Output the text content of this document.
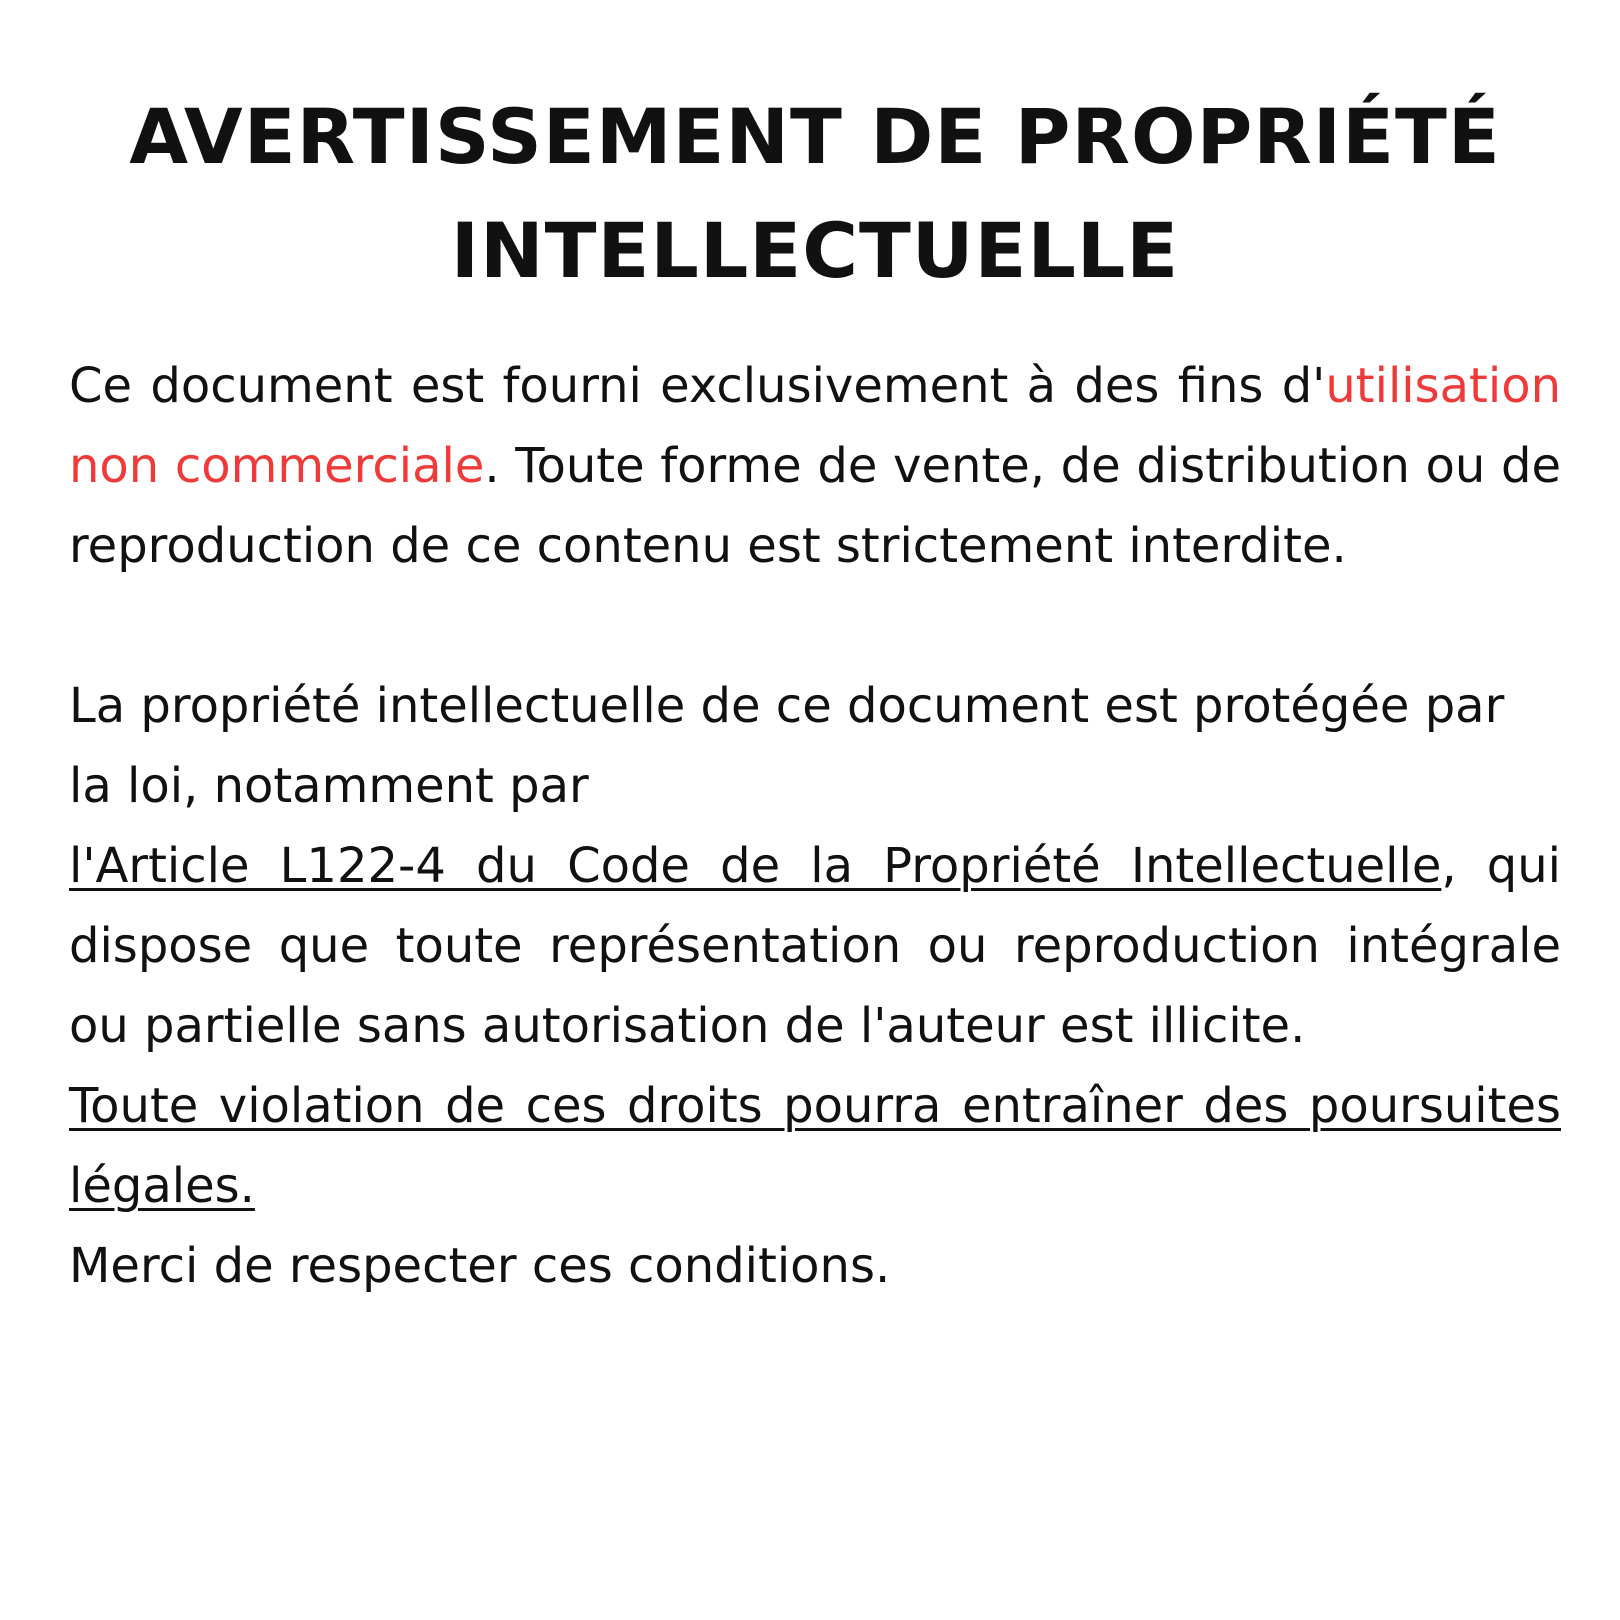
AVERTISSEMENT DE PROPRIÉTÉ
INTELLECTUELLE

Ce document est fourni exclusivement à des fins d'utilisation non commerciale. Toute forme de vente, de distribution ou de reproduction de ce contenu est strictement interdite.

La propriété intellectuelle de ce document est protégée par la loi, notamment par

l'Article L122-4 du Code de la Propriété Intellectuelle, qui dispose que toute représentation ou reproduction intégrale ou partielle sans autorisation de l'auteur est illicite.

Toute violation de ces droits pourra entraîner des poursuites légales.

Merci de respecter ces conditions.
